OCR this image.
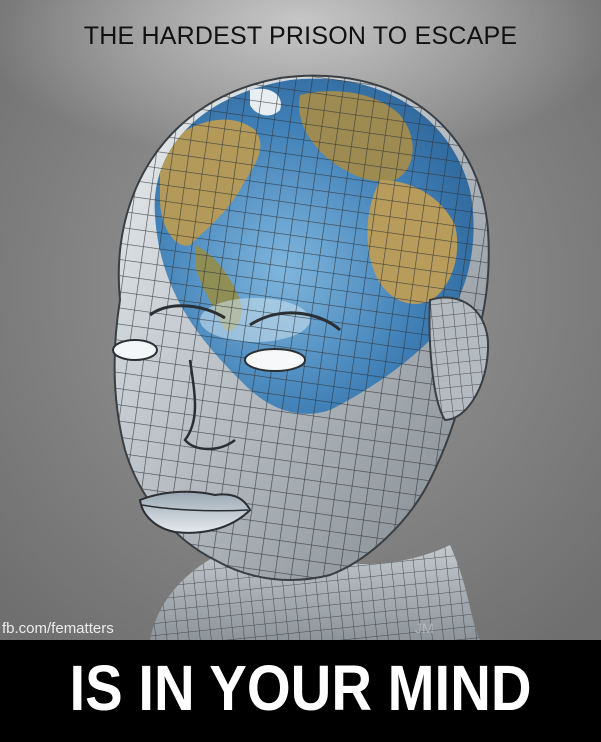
JM
THE HARDEST PRISON TO ESCAPE
fb.com/fematters
IS IN YOUR MIND
